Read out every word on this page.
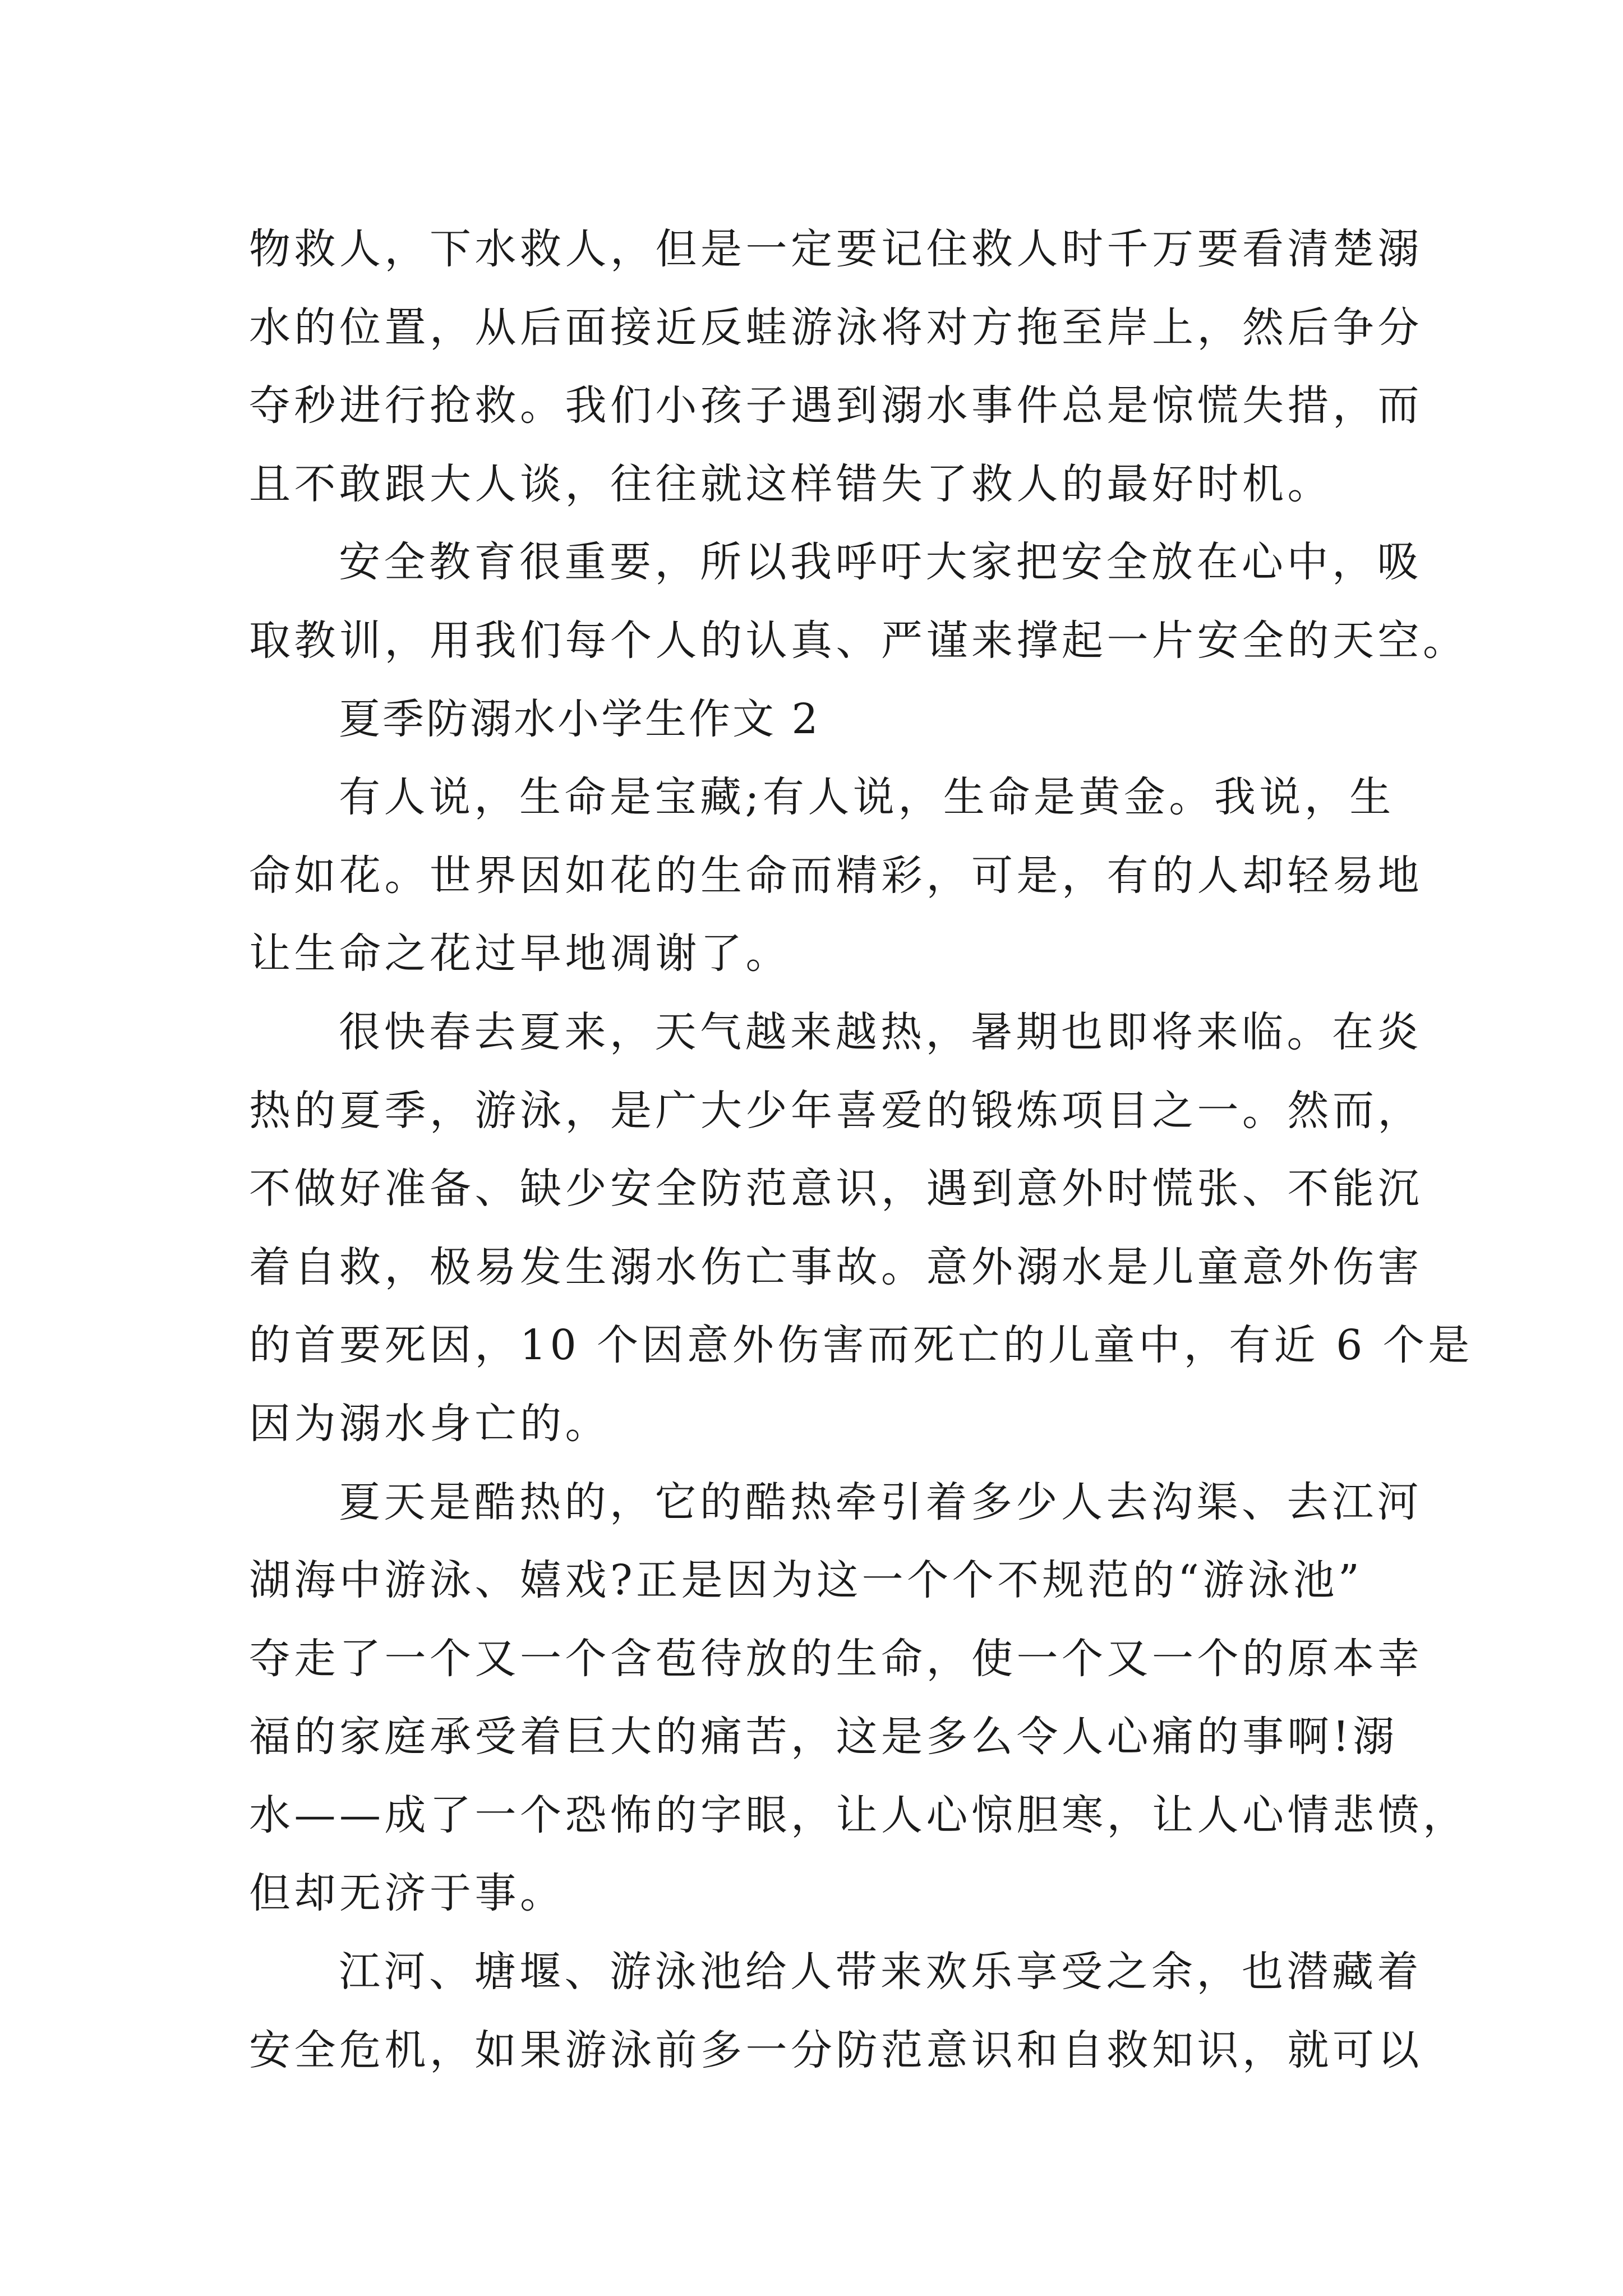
物救人，下水救人，但是一定要记住救人时千万要看清楚溺
水的位置，从后面接近反蛙游泳将对方拖至岸上，然后争分
夺秒进行抢救。我们小孩子遇到溺水事件总是惊慌失措，而
且不敢跟大人谈，往往就这样错失了救人的最好时机。
安全教育很重要，所以我呼吁大家把安全放在心中，吸
取教训，用我们每个人的认真、严谨来撑起一片安全的天空。
夏季防溺水小学生作文 2
有人说，生命是宝藏;有人说，生命是黄金。我说，生
命如花。世界因如花的生命而精彩，可是，有的人却轻易地
让生命之花过早地凋谢了。
很快春去夏来，天气越来越热，暑期也即将来临。在炎
热的夏季，游泳，是广大少年喜爱的锻炼项目之一。然而，
不做好准备、缺少安全防范意识，遇到意外时慌张、不能沉
着自救，极易发生溺水伤亡事故。意外溺水是儿童意外伤害
的首要死因，10 个因意外伤害而死亡的儿童中，有近 6 个是
因为溺水身亡的。
夏天是酷热的，它的酷热牵引着多少人去沟渠、去江河
湖海中游泳、嬉戏?正是因为这一个个不规范的“游泳池”
夺走了一个又一个含苞待放的生命，使一个又一个的原本幸
福的家庭承受着巨大的痛苦，这是多么令人心痛的事啊!溺
水——成了一个恐怖的字眼，让人心惊胆寒，让人心情悲愤，
但却无济于事。
江河、塘堰、游泳池给人带来欢乐享受之余，也潜藏着
安全危机，如果游泳前多一分防范意识和自救知识，就可以
